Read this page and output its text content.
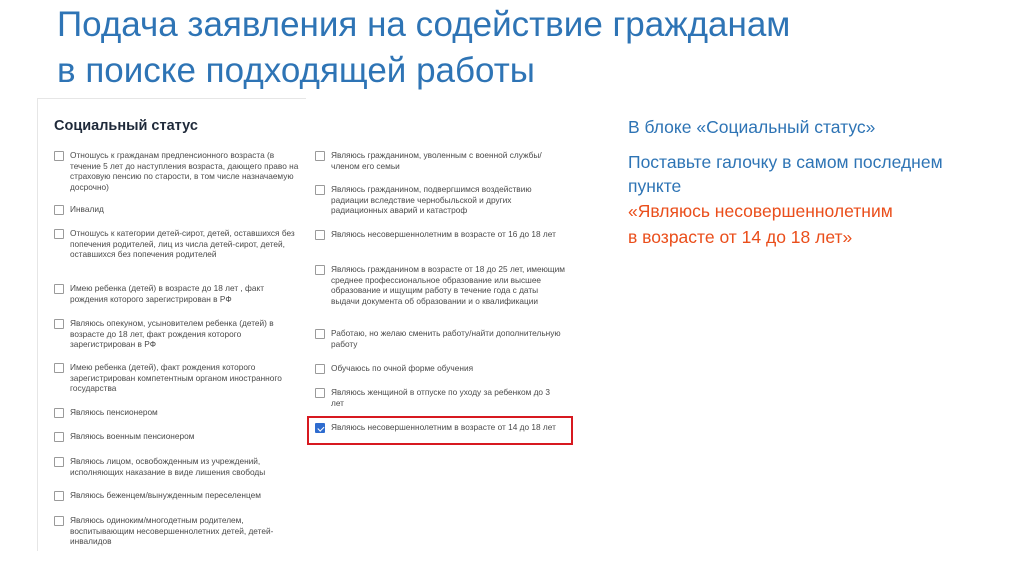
Подача заявления на содействие гражданам
в поиске подходящей работы
Социальный статус
Отношусь к гражданам предпенсионного возраста (в течение 5 лет до наступления возраста, дающего право на страховую пенсию по старости, в том числе назначаемую досрочно)
Инвалид
Отношусь к категории детей-сирот, детей, оставшихся без попечения родителей, лиц из числа детей-сирот, детей, оставшихся без попечения родителей
Имею ребенка (детей) в возрасте до 18 лет , факт рождения которого зарегистрирован в РФ
Являюсь опекуном, усыновителем ребенка (детей) в возрасте до 18 лет, факт рождения которого зарегистрирован в РФ
Имею ребенка (детей), факт рождения которого зарегистрирован компетентным органом иностранного государства
Являюсь пенсионером
Являюсь военным пенсионером
Являюсь лицом, освобожденным из учреждений, исполняющих наказание в виде лишения свободы
Являюсь беженцем/вынужденным переселенцем
Являюсь одиноким/многодетным родителем, воспитывающим несовершеннолетних детей, детей-инвалидов
Являюсь гражданином, уволенным с военной службы/членом его семьи
Являюсь гражданином, подвергшимся воздействию радиации вследствие чернобыльской и других радиационных аварий и катастроф
Являюсь несовершеннолетним в возрасте от 16 до 18 лет
Являюсь гражданином в возрасте от 18 до 25 лет, имеющим среднее профессиональное образование или высшее образование и ищущим работу в течение года с даты выдачи документа об образовании и о квалификации
Работаю, но желаю сменить работу/найти дополнительную работу
Обучаюсь по очной форме обучения
Являюсь женщиной в отпуске по уходу за ребенком до 3 лет
Являюсь несовершеннолетним в возрасте от 14 до 18 лет

В блоке «Социальный статус»

Поставьте галочку в самом последнем

пункте

«Являюсь несовершеннолетним

в возрасте от 14 до 18 лет»
